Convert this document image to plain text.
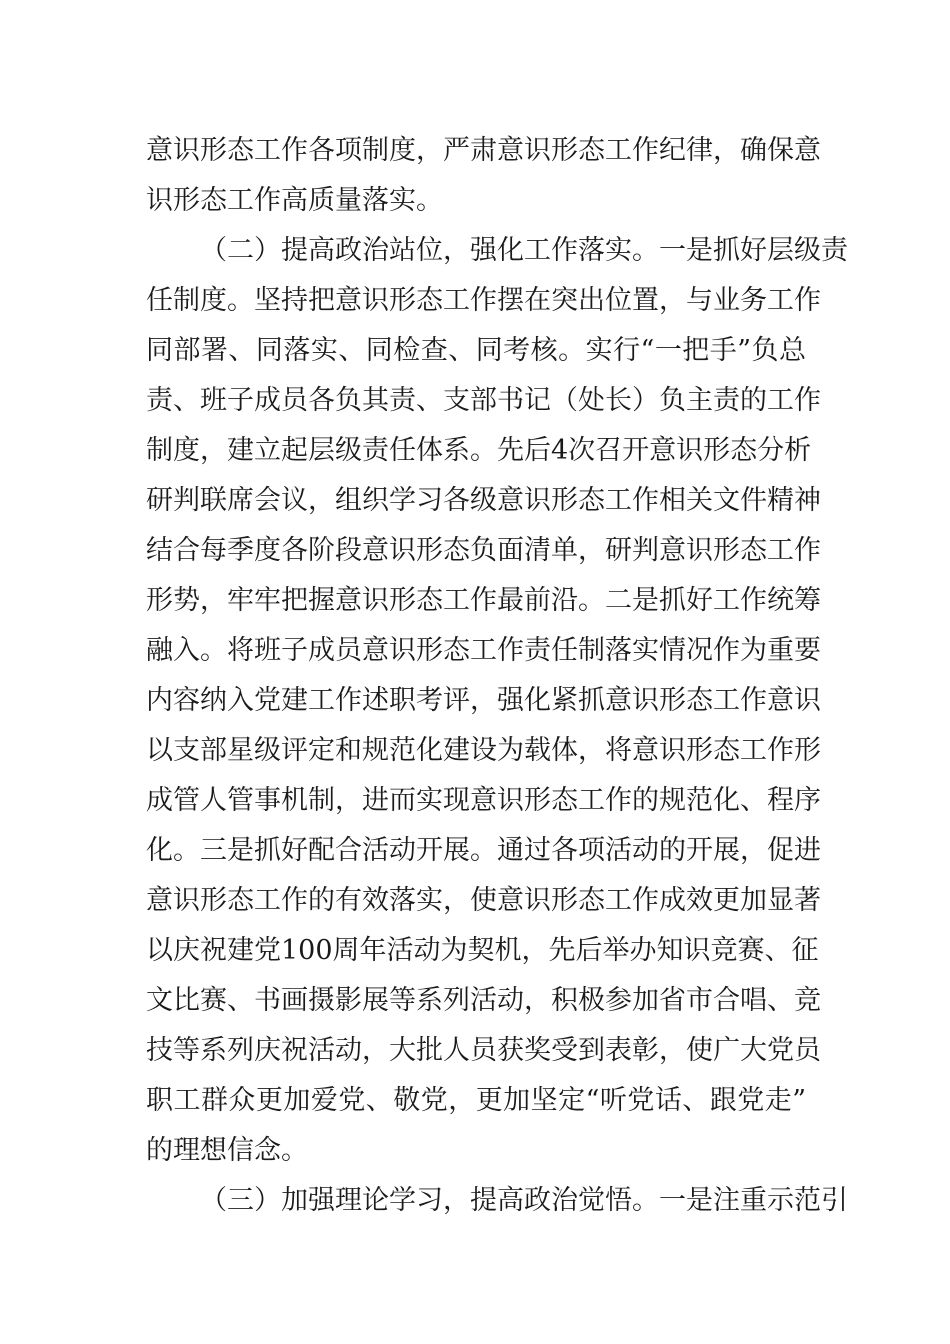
意识形态工作各项制度，严肃意识形态工作纪律，确保意
识形态工作高质量落实。
（二）提高政治站位，强化工作落实。一是抓好层级责
任制度。坚持把意识形态工作摆在突出位置，与业务工作
同部署、同落实、同检查、同考核。实行“一把手”负总
责、班子成员各负其责、支部书记（处长）负主责的工作
制度，建立起层级责任体系。先后4次召开意识形态分析
研判联席会议，组织学习各级意识形态工作相关文件精神
结合每季度各阶段意识形态负面清单，研判意识形态工作
形势，牢牢把握意识形态工作最前沿。二是抓好工作统筹
融入。将班子成员意识形态工作责任制落实情况作为重要
内容纳入党建工作述职考评，强化紧抓意识形态工作意识
以支部星级评定和规范化建设为载体，将意识形态工作形
成管人管事机制，进而实现意识形态工作的规范化、程序
化。三是抓好配合活动开展。通过各项活动的开展，促进
意识形态工作的有效落实，使意识形态工作成效更加显著
以庆祝建党100周年活动为契机，先后举办知识竞赛、征
文比赛、书画摄影展等系列活动，积极参加省市合唱、竞
技等系列庆祝活动，大批人员获奖受到表彰，使广大党员
职工群众更加爱党、敬党，更加坚定“听党话、跟党走”
的理想信念。
（三）加强理论学习，提高政治觉悟。一是注重示范引
